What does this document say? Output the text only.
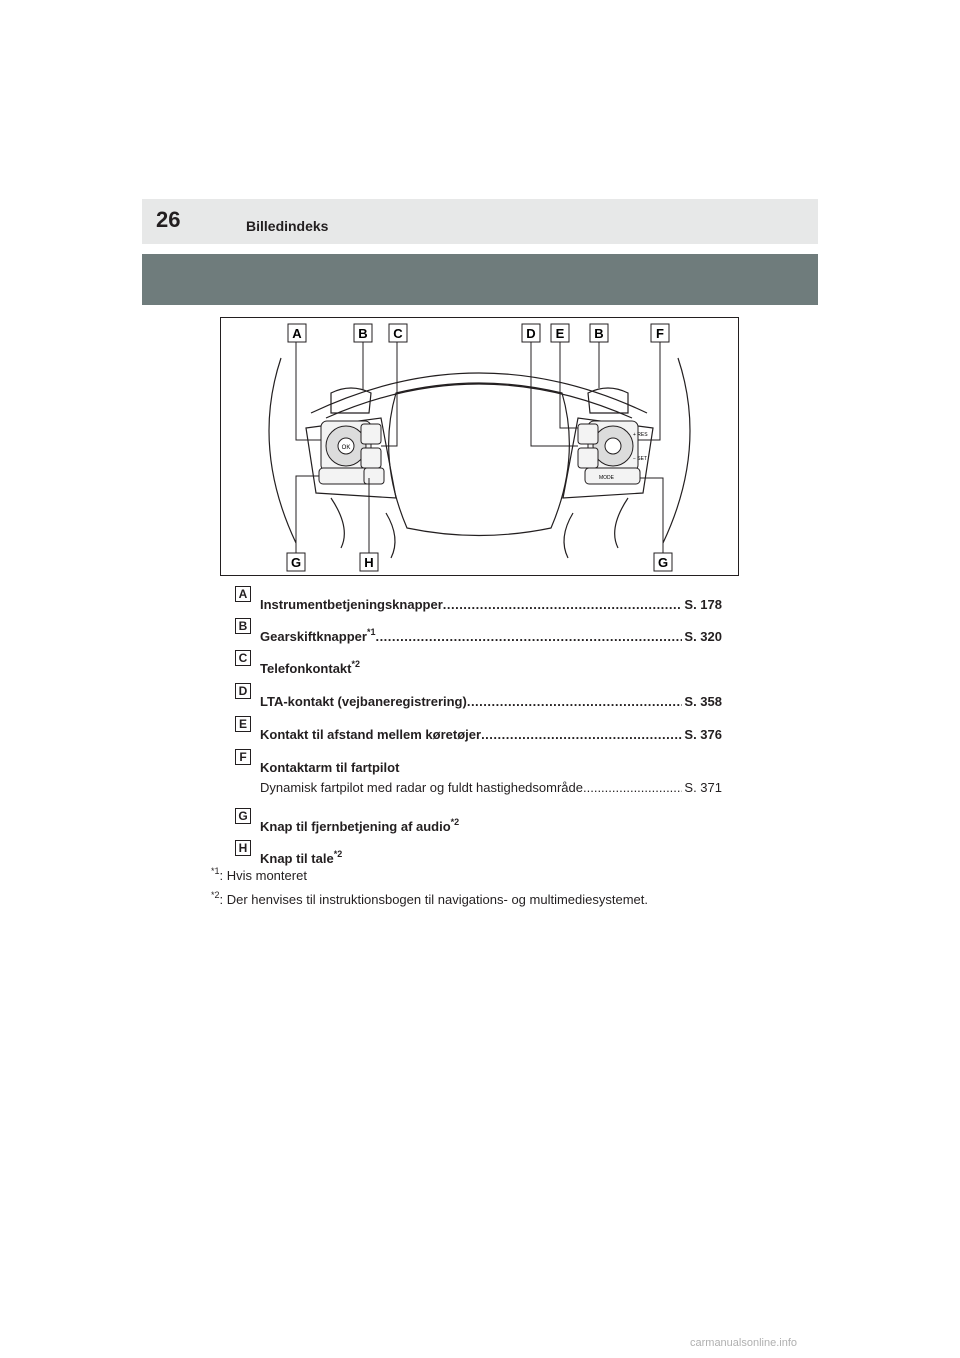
26	Billedindeks
OK
+ RES
− SET
MODE
A	B C	D E B	F
G	H	G
A
Instrumentbetjeningsknapper .....	S. 178
B
Gearskiftknapper$^{*1}$ .....	S. 320
C
Telefonkontakt$^{*2}$
D
LTA-kontakt (vejbaneregistrering) .....	S. 358
E
Kontakt til afstand mellem køretøjer .....	S. 376
F
Kontaktarm til fartpilot
Dynamisk fartpilot med radar og fuldt hastighedsområde .....	S. 371
G
Knap til fjernbetjening af audio$^{*2}$
H
Knap til tale$^{*2}$
$^{*1}$: Hvis monteret
$^{*2}$: Der henvises til instruktionsbogen til navigations- og multimediesystemet.
carmanualsonline.info
